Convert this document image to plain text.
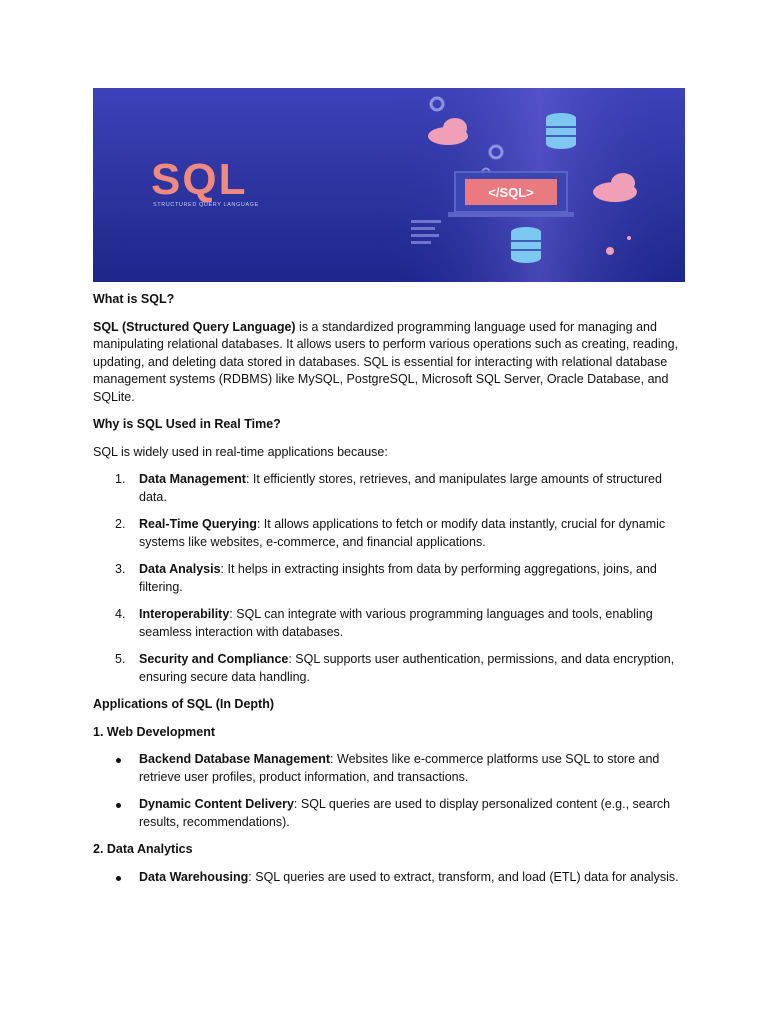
SQL
STRUCTURED QUERY LANGUAGE
</SQL>
What is SQL?

SQL (Structured Query Language) is a standardized programming language used for managing and manipulating relational databases. It allows users to perform various operations such as creating, reading, updating, and deleting data stored in databases. SQL is essential for interacting with relational database management systems (RDBMS) like MySQL, PostgreSQL, Microsoft SQL Server, Oracle Database, and SQLite.

Why is SQL Used in Real Time?

SQL is widely used in real-time applications because:

1.	Data Management: It efficiently stores, retrieves, and manipulates large amounts of structured data.
2.	Real-Time Querying: It allows applications to fetch or modify data instantly, crucial for dynamic systems like websites, e-commerce, and financial applications.
3.	Data Analysis: It helps in extracting insights from data by performing aggregations, joins, and filtering.
4.	Interoperability: SQL can integrate with various programming languages and tools, enabling seamless interaction with databases.
5.	Security and Compliance: SQL supports user authentication, permissions, and data encryption, ensuring secure data handling.
Applications of SQL (In Depth)
1. Web Development
Backend Database Management: Websites like e-commerce platforms use SQL to store and retrieve user profiles, product information, and transactions.
Dynamic Content Delivery: SQL queries are used to display personalized content (e.g., search results, recommendations).
2. Data Analytics
Data Warehousing: SQL queries are used to extract, transform, and load (ETL) data for analysis.
